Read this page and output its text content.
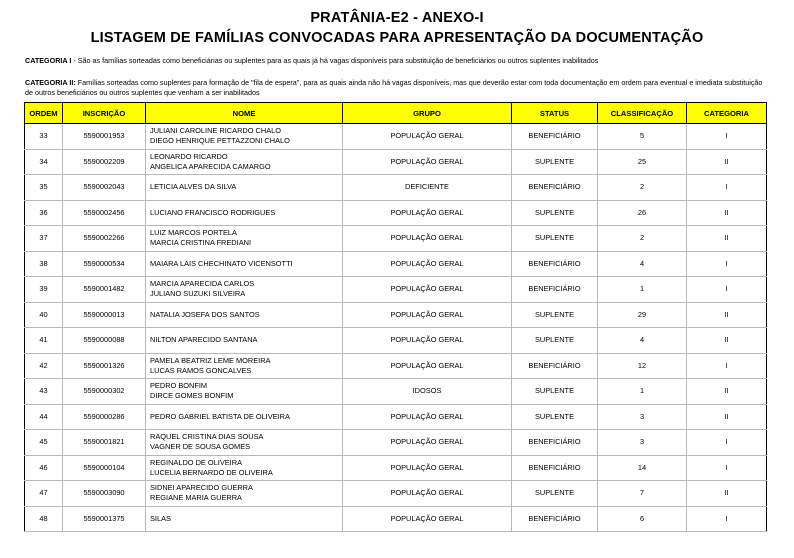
PRATÂNIA-E2 - ANEXO-I
LISTAGEM DE FAMÍLIAS CONVOCADAS PARA APRESENTAÇÃO DA DOCUMENTAÇÃO
CATEGORIA I - São as famílias sorteadas como beneficiárias ou suplentes para as quais já há vagas disponíveis para substituição de beneficiários ou outros suplentes inabilitados
CATEGORIA II: Famílias sorteadas como suplentes para formação de "fila de espera", para as quais ainda não há vagas disponíveis, mas que deverão estar com toda documentação em ordem para eventual e imediata substituição de outros beneficiários ou outros suplentes que venham a ser inabilitados
ORDEM	INSCRIÇÃO	NOME	GRUPO	STATUS	CLASSIFICAÇÃO	CATEGORIA
33	5590001953	JULIANI CAROLINE RICARDO CHALO
DIEGO HENRIQUE PETTAZZONI CHALO	POPULAÇÃO GERAL	BENEFICIÁRIO	5	I
34	5590002209	LEONARDO RICARDO
ANGELICA APARECIDA CAMARGO	POPULAÇÃO GERAL	SUPLENTE	25	II
35	5590002043	LETICIA ALVES DA SILVA	DEFICIENTE	BENEFICIÁRIO	2	I
36	5590002456	LUCIANO FRANCISCO RODRIGUES	POPULAÇÃO GERAL	SUPLENTE	26	II
37	5590002266	LUIZ MARCOS PORTELA
MARCIA CRISTINA FREDIANI	POPULAÇÃO GERAL	SUPLENTE	2	II
38	5590000534	MAIARA LAIS CHECHINATO VICENSOTTI	POPULAÇÃO GERAL	BENEFICIÁRIO	4	I
39	5590001482	MARCIA APARECIDA CARLOS
JULIANO SUZUKI SILVEIRA	POPULAÇÃO GERAL	BENEFICIÁRIO	1	I
40	5590000013	NATALIA JOSEFA DOS SANTOS	POPULAÇÃO GERAL	SUPLENTE	29	II
41	5590000088	NILTON APARECIDO SANTANA	POPULAÇÃO GERAL	SUPLENTE	4	II
42	5590001326	PAMELA BEATRIZ LEME MOREIRA
LUCAS RAMOS GONCALVES	POPULAÇÃO GERAL	BENEFICIÁRIO	12	I
43	5590000302	PEDRO BONFIM
DIRCE GOMES BONFIM	IDOSOS	SUPLENTE	1	II
44	5590000286	PEDRO GABRIEL BATISTA DE OLIVEIRA	POPULAÇÃO GERAL	SUPLENTE	3	II
45	5590001821	RAQUEL CRISTINA DIAS SOUSA
VAGNER DE SOUSA GOMES	POPULAÇÃO GERAL	BENEFICIÁRIO	3	I
46	5590000104	REGINALDO DE OLIVEIRA
LUCELIA BERNARDO DE OLIVEIRA	POPULAÇÃO GERAL	BENEFICIÁRIO	14	I
47	5590003090	SIDNEI APARECIDO GUERRA
REGIANE MARIA GUERRA	POPULAÇÃO GERAL	SUPLENTE	7	II
48	5590001375	SILAS	POPULAÇÃO GERAL	BENEFICIÁRIO	6	I
